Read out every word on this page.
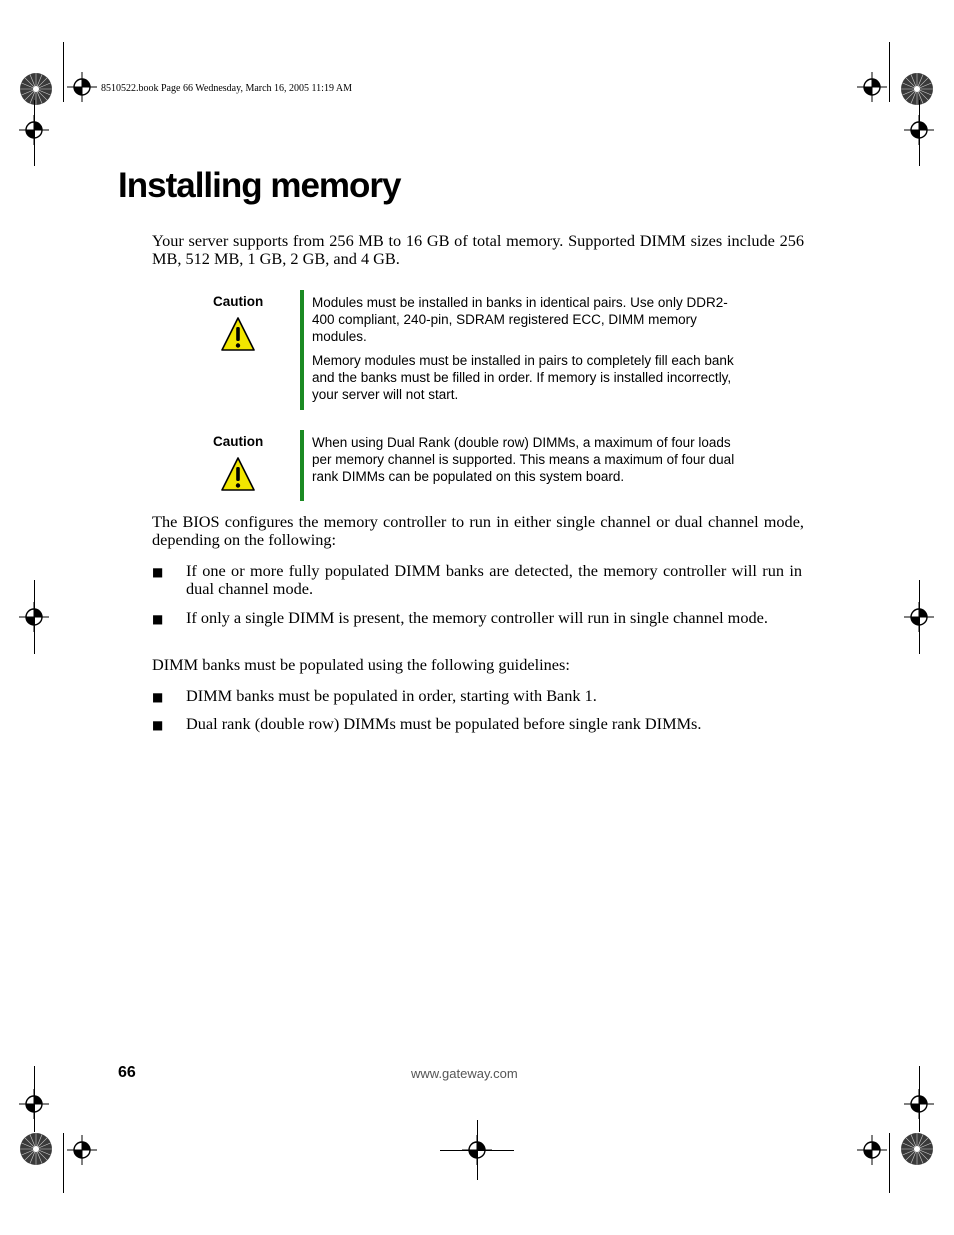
8510522.book Page 66 Wednesday, March 16, 2005 11:19 AM
Installing memory

Your server supports from 256 MB to 16 GB of total memory. Supported DIMM sizes include 256 MB, 512 MB, 1 GB, 2 GB, and 4 GB.

Caution	Modules must be installed in banks in identical pairs. Use only DDR2-400 compliant, 240-pin, SDRAM registered ECC, DIMM memory modules.

Memory modules must be installed in pairs to completely fill each bank and the banks must be filled in order. If memory is installed incorrectly, your server will not start.

Caution	When using Dual Rank (double row) DIMMs, a maximum of four loads per memory channel is supported. This means a maximum of four dual rank DIMMs can be populated on this system board.

The BIOS configures the memory controller to run in either single channel or dual channel mode, depending on the following:

■ If one or more fully populated DIMM banks are detected, the memory controller will run in dual channel mode.

■ If only a single DIMM is present, the memory controller will run in single channel mode.

DIMM banks must be populated using the following guidelines:

■ DIMM banks must be populated in order, starting with Bank 1.

■ Dual rank (double row) DIMMs must be populated before single rank DIMMs.

66	www.gateway.com
